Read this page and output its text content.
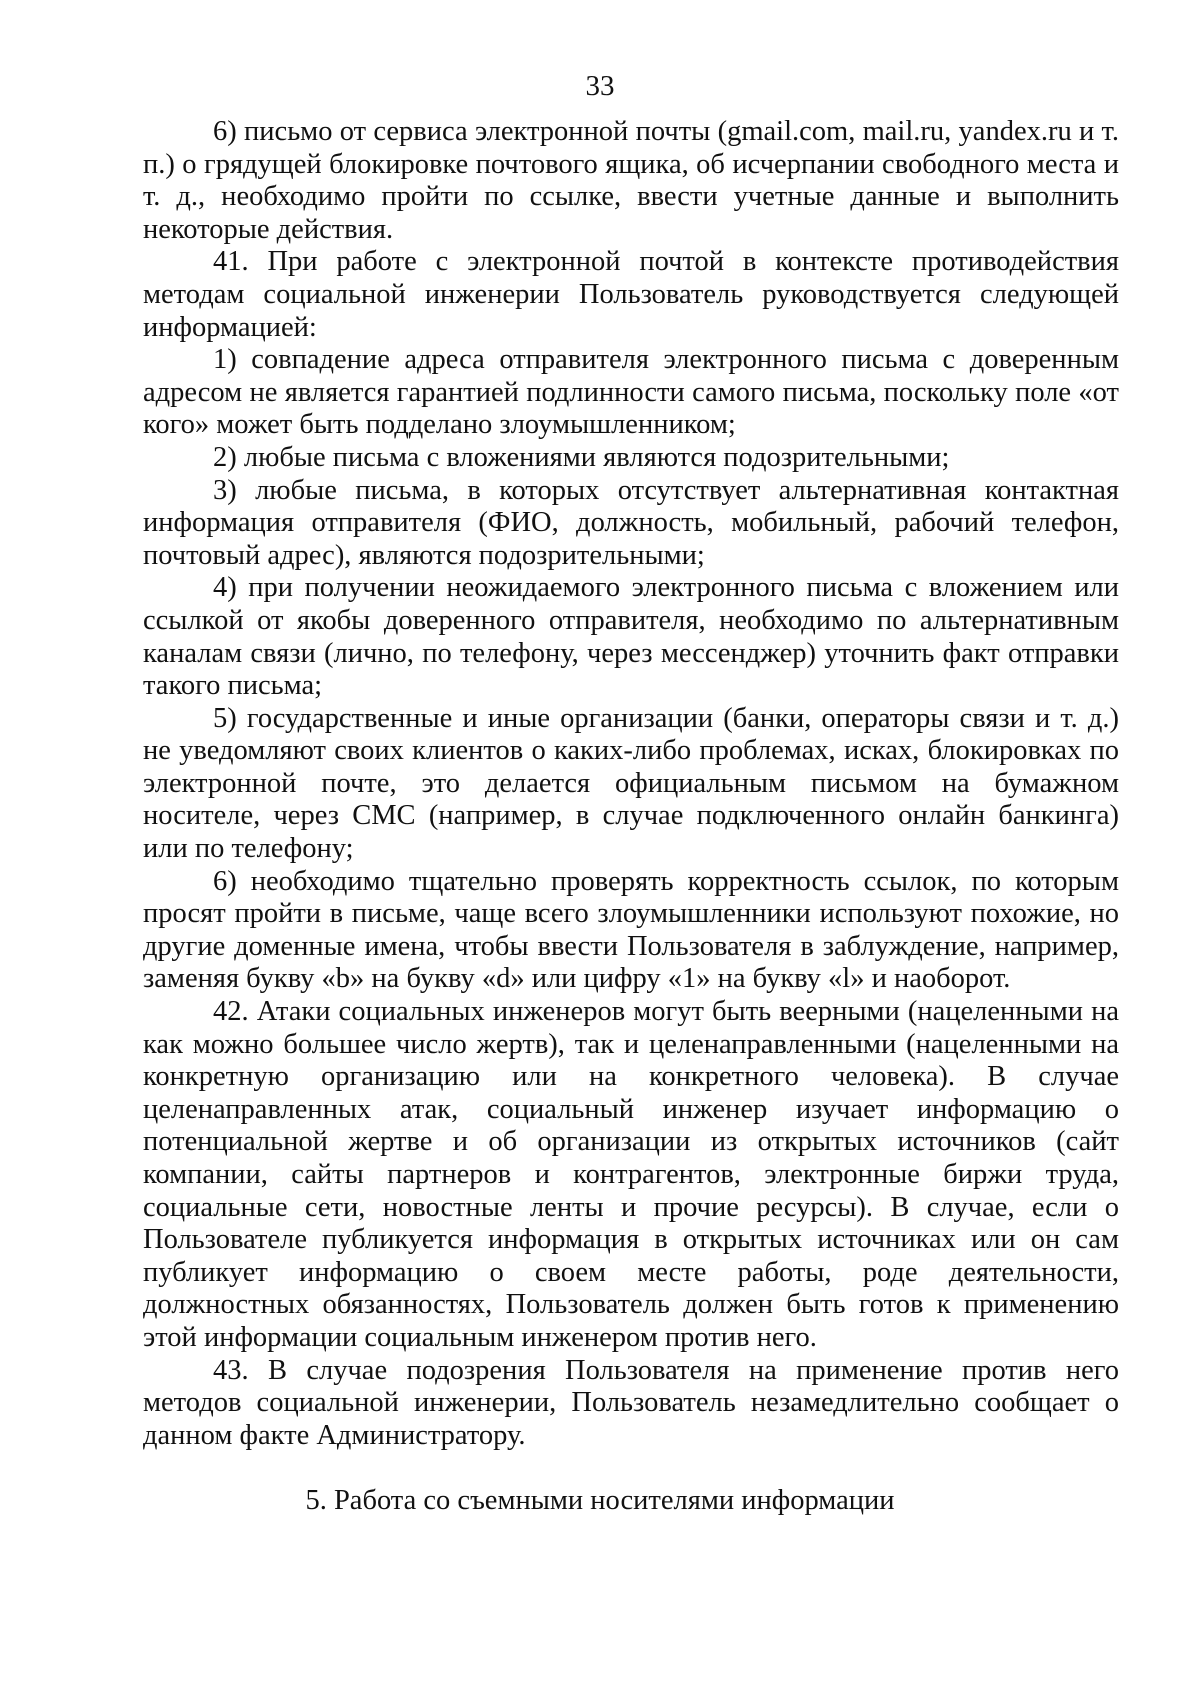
33

6) письмо от сервиса электронной почты (gmail.com, mail.ru, yandex.ru и т. п.) о грядущей блокировке почтового ящика, об исчерпании свободного места и т. д., необходимо пройти по ссылке, ввести учетные данные и выполнить некоторые действия.

41. При работе с электронной почтой в контексте противодействия методам социальной инженерии Пользователь руководствуется следующей информацией:

1) совпадение адреса отправителя электронного письма с доверенным адресом не является гарантией подлинности самого письма, поскольку поле «от кого» может быть подделано злоумышленником;

2) любые письма с вложениями являются подозрительными;

3) любые письма, в которых отсутствует альтернативная контактная информация отправителя (ФИО, должность, мобильный, рабочий телефон, почтовый адрес), являются подозрительными;

4) при получении неожидаемого электронного письма с вложением или ссылкой от якобы доверенного отправителя, необходимо по альтернативным каналам связи (лично, по телефону, через мессенджер) уточнить факт отправки такого письма;

5) государственные и иные организации (банки, операторы связи и т. д.) не уведомляют своих клиентов о каких-либо проблемах, исках, блокировках по электронной почте, это делается официальным письмом на бумажном носителе, через СМС (например, в случае подключенного онлайн банкинга) или по телефону;

6) необходимо тщательно проверять корректность ссылок, по которым просят пройти в письме, чаще всего злоумышленники используют похожие, но другие доменные имена, чтобы ввести Пользователя в заблуждение, например, заменяя букву «b» на букву «d» или цифру «1» на букву «l» и наоборот.

42. Атаки социальных инженеров могут быть веерными (нацеленными на как можно большее число жертв), так и целенаправленными (нацеленными на конкретную организацию или на конкретного человека). В случае целенаправленных атак, социальный инженер изучает информацию о потенциальной жертве и об организации из открытых источников (сайт компании, сайты партнеров и контрагентов, электронные биржи труда, социальные сети, новостные ленты и прочие ресурсы). В случае, если о Пользователе публикуется информация в открытых источниках или он сам публикует информацию о своем месте работы, роде деятельности, должностных обязанностях, Пользователь должен быть готов к применению этой информации социальным инженером против него.

43. В случае подозрения Пользователя на применение против него методов социальной инженерии, Пользователь незамедлительно сообщает о данном факте Администратору.

5. Работа со съемными носителями информации
